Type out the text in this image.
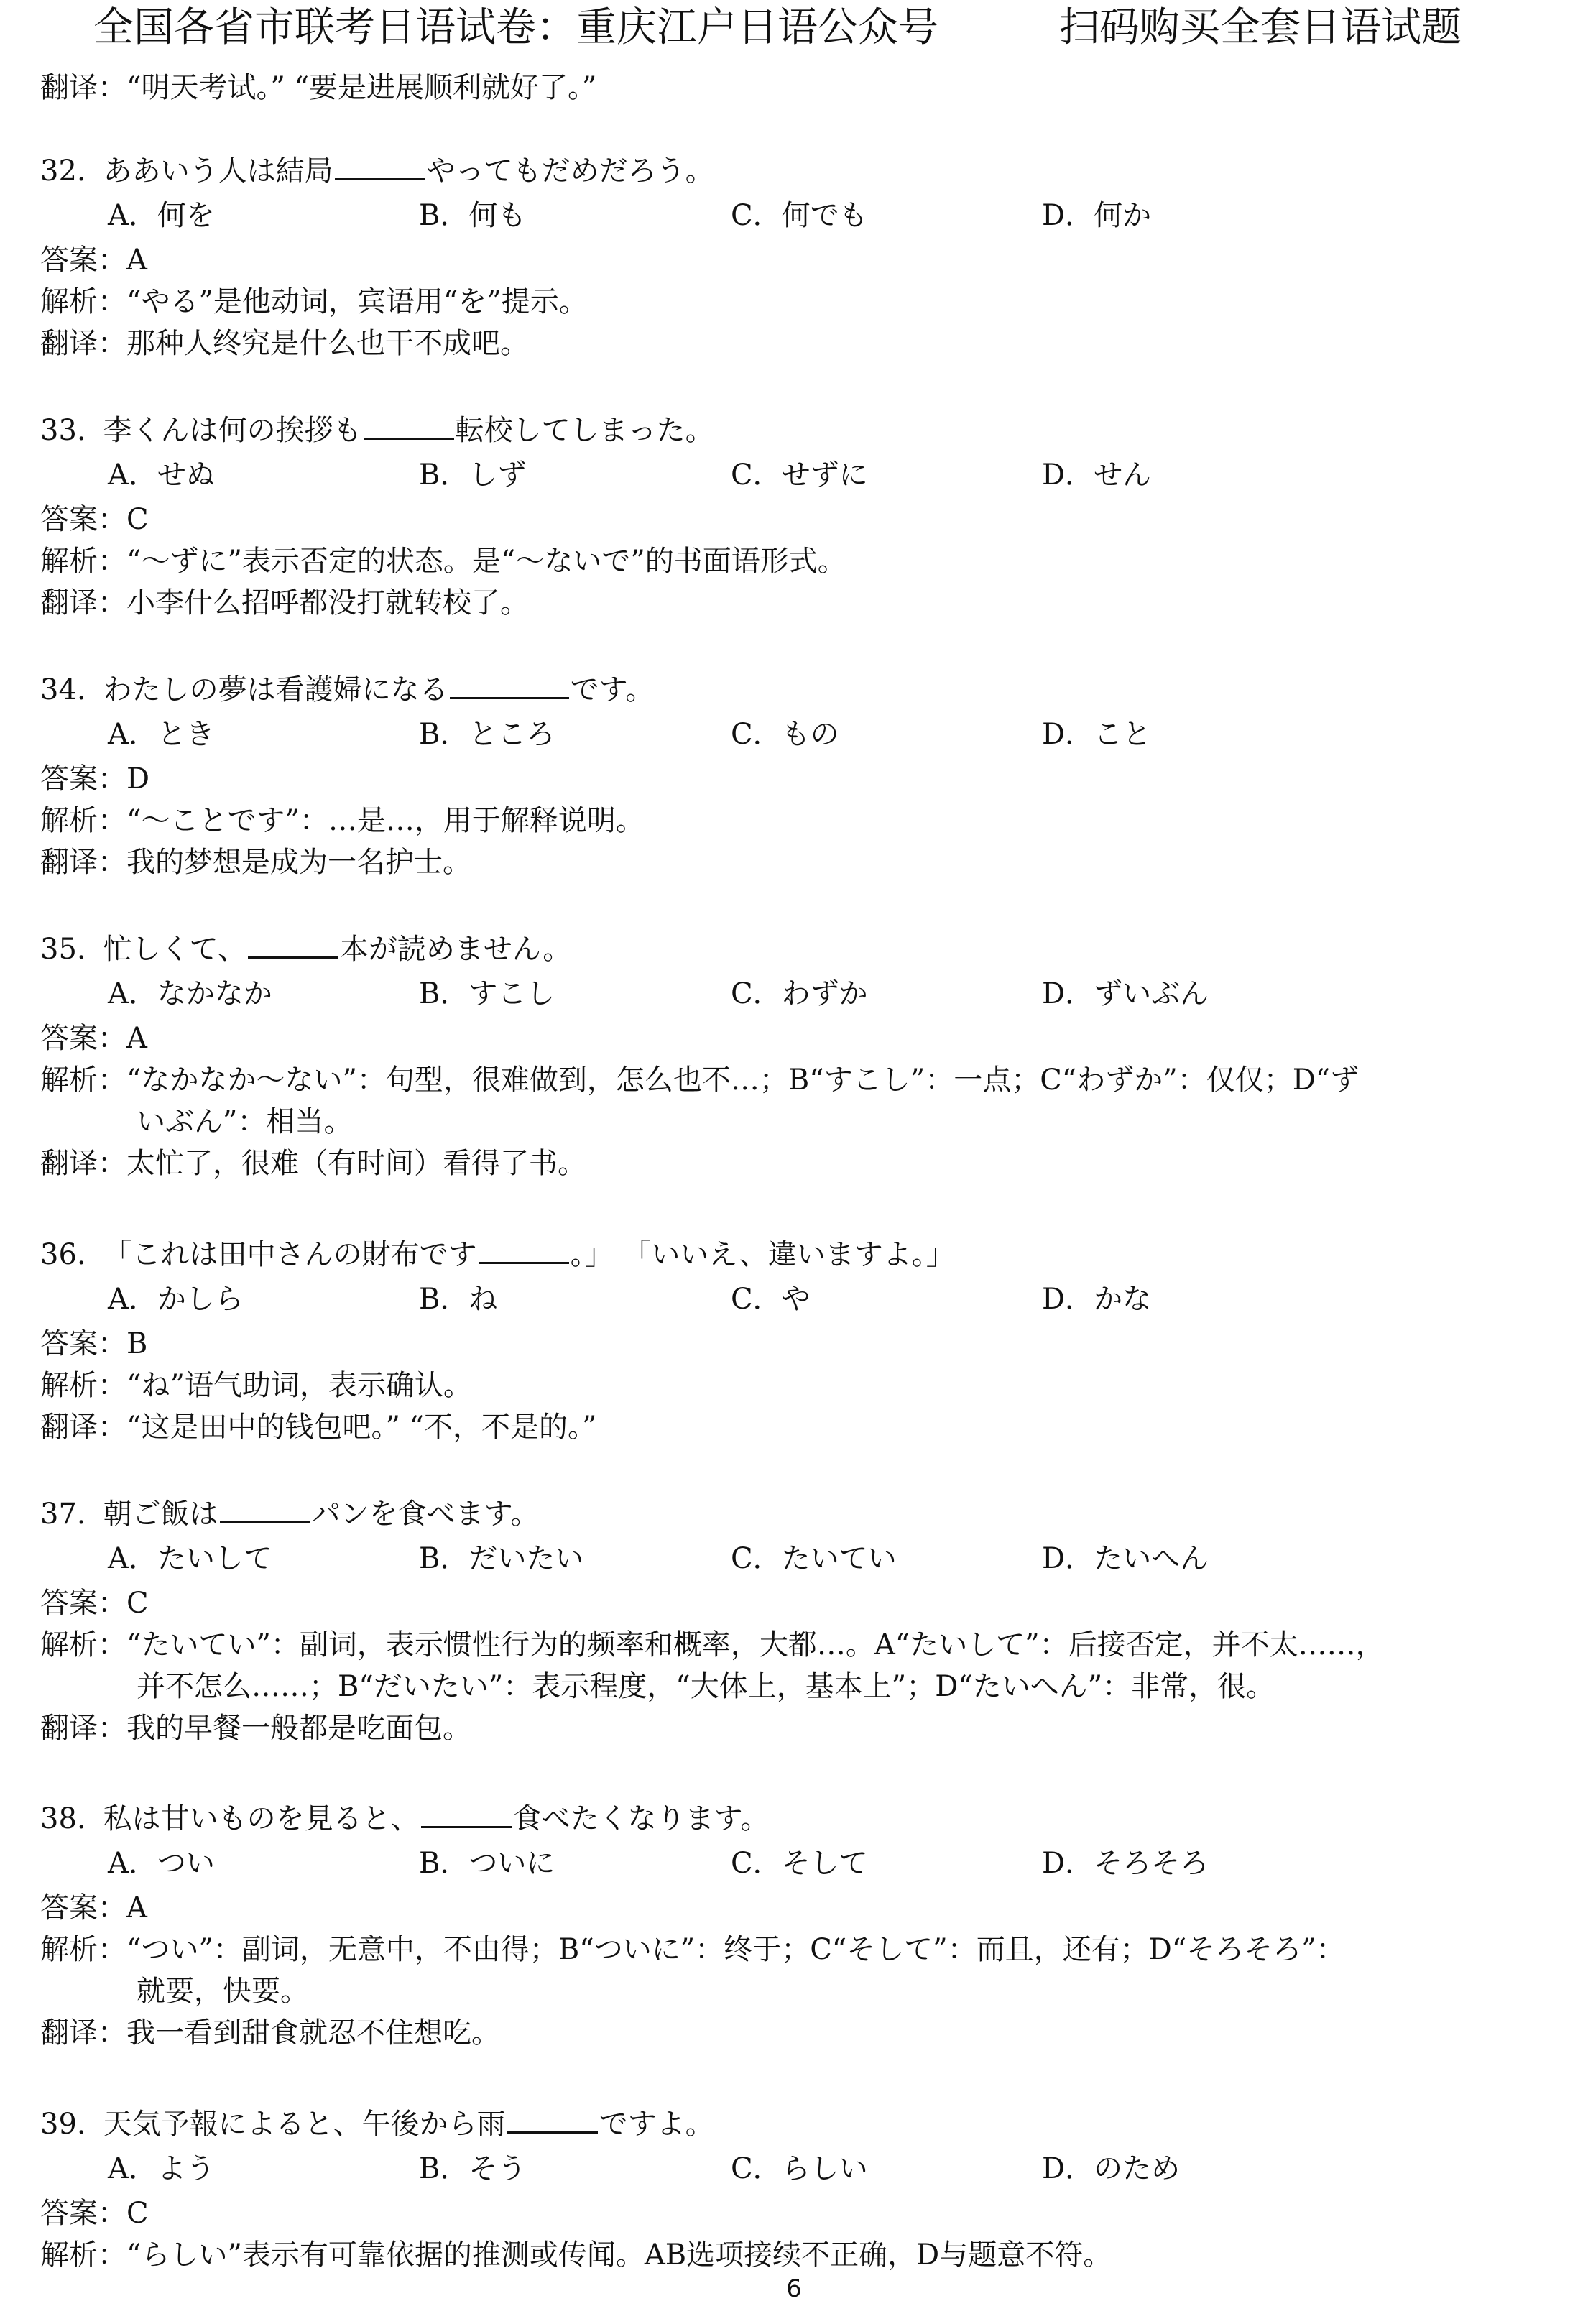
全国各省市联考日语试卷：重庆江户日语公众号	扫码购买全套日语试题
翻译：“明天考试。” “要是进展顺利就好了。”
32. ああいう人は結局	やってもだめだろう。
A．何を	B．何も	C．何でも	D．何か
答案：A
解析：“やる”是他动词，宾语用“を”提示。
翻译：那种人终究是什么也干不成吧。
33. 李くんは何の挨拶も	転校してしまった。
A．せぬ	B．しず	C．せずに	D．せん
答案：C
解析：“～ずに”表示否定的状态。是“～ないで”的书面语形式。
翻译：小李什么招呼都没打就转校了。
34. わたしの夢は看護婦になる	です。
A．とき	B．ところ	C．もの	D．こと
答案：D
解析：“～ことです”：…是…，用于解释说明。
翻译：我的梦想是成为一名护士。
35. 忙しくて、	本が読めません。
A．なかなか	B．すこし	C．わずか	D．ずいぶん
答案：A
解析：“なかなか～ない”：句型，很难做到，怎么也不…；B“すこし”：一点；C“わずか”：仅仅；D“ず
いぶん”：相当。
翻译：太忙了，很难（有时间）看得了书。
36. 「これは田中さんの財布です	。」 「いいえ、違いますよ。」
A．かしら	B．ね	C．や	D．かな
答案：B
解析：“ね”语气助词，表示确认。
翻译：“这是田中的钱包吧。” “不，不是的。”
37. 朝ご飯は	パンを食べます。
A．たいして	B．だいたい	C．たいてい	D．たいへん
答案：C
解析：“たいてい”：副词，表示惯性行为的频率和概率，大都…。A“たいして”：后接否定，并不太……，
并不怎么……；B“だいたい”：表示程度，“大体上，基本上”；D“たいへん”：非常，很。
翻译：我的早餐一般都是吃面包。
38. 私は甘いものを見ると、	食べたくなります。
A．つい	B．ついに	C．そして	D．そろそろ
答案：A
解析：“つい”：副词，无意中，不由得；B“ついに”：终于；C“そして”：而且，还有；D“そろそろ”：
就要，快要。
翻译：我一看到甜食就忍不住想吃。
39. 天気予報によると、午後から雨	ですよ。
A．よう	B．そう	C．らしい	D．のため
答案：C
解析：“らしい”表示有可靠依据的推测或传闻。AB选项接续不正确，D与题意不符。
6
